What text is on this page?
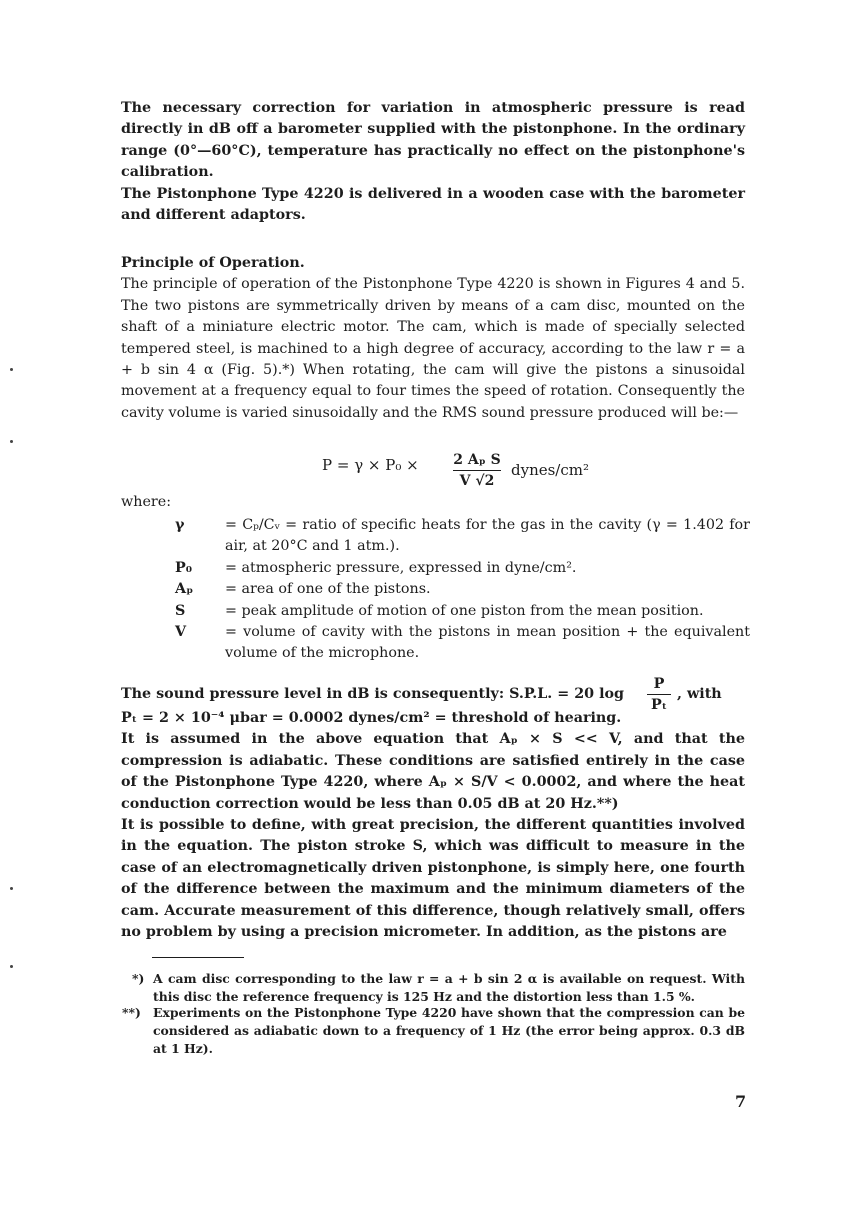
The necessary correction for variation in atmospheric pressure is read directly in dB off a barometer supplied with the pistonphone. In the ordinary range (0°—60°C), temperature has practically no effect on the pistonphone's calibration.

The Pistonphone Type 4220 is delivered in a wooden case with the barometer and different adaptors.

Principle of Operation.

The principle of operation of the Pistonphone Type 4220 is shown in Figures 4 and 5. The two pistons are symmetrically driven by means of a cam disc, mounted on the shaft of a miniature electric motor. The cam, which is made of specially selected tempered steel, is machined to a high degree of accuracy, according to the law r = a + b sin 4 α (Fig. 5).*) When rotating, the cam will give the pistons a sinusoidal movement at a frequency equal to four times the speed of rotation. Consequently the cavity volume is varied sinusoidally and the RMS sound pressure produced will be:—

P = γ × P₀ × 2 Aₚ S
V √2
dynes/cm²
where:
γ	= Cₚ/Cᵥ = ratio of specific heats for the gas in the cavity (γ = 1.402 for air, at 20°C and 1 atm.).
P₀	= atmospheric pressure, expressed in dyne/cm².
Aₚ	= area of one of the pistons.
S	= peak amplitude of motion of one piston from the mean position.
V	= volume of cavity with the pistons in mean position + the equivalent volume of the microphone.
The sound pressure level in dB is consequently: S.P.L. = 20 log
P
Pₜ
, with

Pₜ = 2 × 10⁻⁴ μbar = 0.0002 dynes/cm² = threshold of hearing.

It is assumed in the above equation that Aₚ × S << V, and that the compression is adiabatic. These conditions are satisfied entirely in the case of the Pistonphone Type 4220, where Aₚ × S/V < 0.0002, and where the heat conduction correction would be less than 0.05 dB at 20 Hz.**)

It is possible to define, with great precision, the different quantities involved in the equation. The piston stroke S, which was difficult to measure in the case of an electromagnetically driven pistonphone, is simply here, one fourth of the difference between the maximum and the minimum diameters of the cam. Accurate measurement of this difference, though relatively small, offers no problem by using a precision micrometer. In addition, as the pistons are

*) A cam disc corresponding to the law r = a + b sin 2 α is available on request. With this disc the reference frequency is 125 Hz and the distortion less than 1.5 %.
**) Experiments on the Pistonphone Type 4220 have shown that the compression can be considered as adiabatic down to a frequency of 1 Hz (the error being approx. 0.3 dB at 1 Hz).
7
